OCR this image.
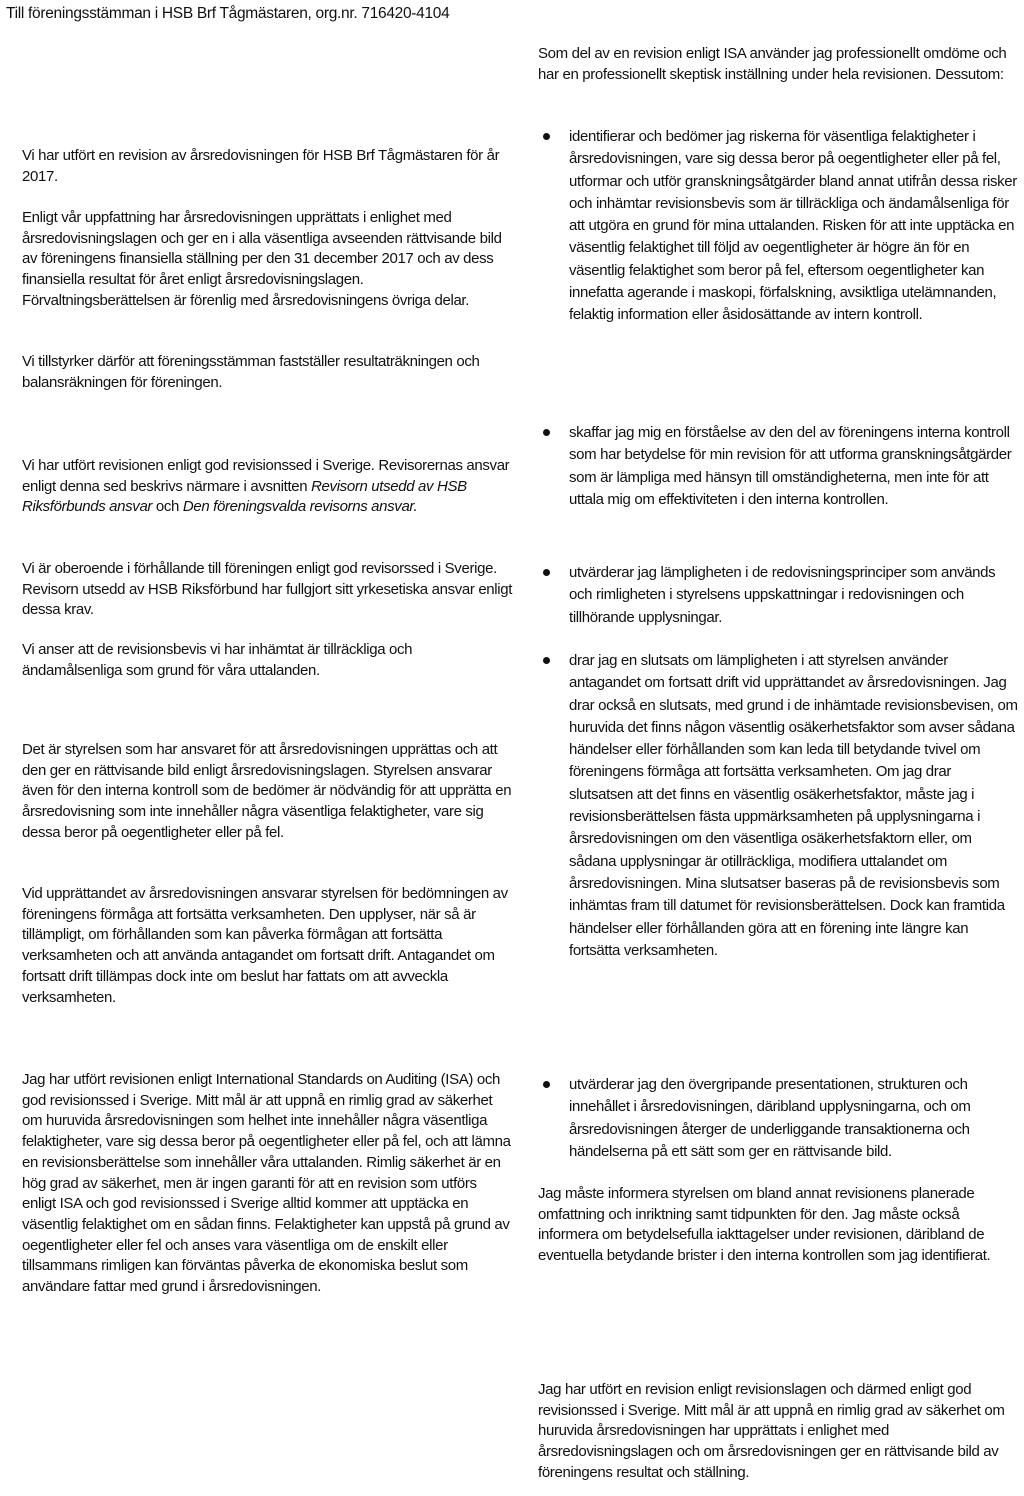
Till föreningsstämman i HSB Brf Tågmästaren, org.nr. 716420-4104

Vi har utfört en revision av årsredovisningen för HSB Brf Tågmästaren för år 2017.

Enligt vår uppfattning har årsredovisningen upprättats i enlighet med årsredovisningslagen och ger en i alla väsentliga avseenden rättvisande bild av föreningens finansiella ställning per den 31 december 2017 och av dess finansiella resultat för året enligt årsredovisningslagen. Förvaltningsberättelsen är förenlig med årsredovisningens övriga delar.

Vi tillstyrker därför att föreningsstämman fastställer resultaträkningen och balansräkningen för föreningen.

Vi har utfört revisionen enligt god revisionssed i Sverige. Revisorernas ansvar enligt denna sed beskrivs närmare i avsnitten Revisorn utsedd av HSB Riksförbunds ansvar och Den föreningsvalda revisorns ansvar.

Vi är oberoende i förhållande till föreningen enligt god revisorssed i Sverige. Revisorn utsedd av HSB Riksförbund har fullgjort sitt yrkesetiska ansvar enligt dessa krav.

Vi anser att de revisionsbevis vi har inhämtat är tillräckliga och ändamålsenliga som grund för våra uttalanden.

Det är styrelsen som har ansvaret för att årsredovisningen upprättas och att den ger en rättvisande bild enligt årsredovisningslagen. Styrelsen ansvarar även för den interna kontroll som de bedömer är nödvändig för att upprätta en årsredovisning som inte innehåller några väsentliga felaktigheter, vare sig dessa beror på oegentligheter eller på fel.

Vid upprättandet av årsredovisningen ansvarar styrelsen för bedömningen av föreningens förmåga att fortsätta verksamheten. Den upplyser, när så är tillämpligt, om förhållanden som kan påverka förmågan att fortsätta verksamheten och att använda antagandet om fortsatt drift. Antagandet om fortsatt drift tillämpas dock inte om beslut har fattats om att avveckla verksamheten.

Jag har utfört revisionen enligt International Standards on Auditing (ISA) och god revisionssed i Sverige. Mitt mål är att uppnå en rimlig grad av säkerhet om huruvida årsredovisningen som helhet inte innehåller några väsentliga felaktigheter, vare sig dessa beror på oegentligheter eller på fel, och att lämna en revisionsberättelse som innehåller våra uttalanden. Rimlig säkerhet är en hög grad av säkerhet, men är ingen garanti för att en revision som utförs enligt ISA och god revisionssed i Sverige alltid kommer att upptäcka en väsentlig felaktighet om en sådan finns. Felaktigheter kan uppstå på grund av oegentligheter eller fel och anses vara väsentliga om de enskilt eller tillsammans rimligen kan förväntas påverka de ekonomiska beslut som användare fattar med grund i årsredovisningen.

Som del av en revision enligt ISA använder jag professionellt omdöme och har en professionellt skeptisk inställning under hela revisionen. Dessutom:

identifierar och bedömer jag riskerna för väsentliga felaktigheter i årsredovisningen, vare sig dessa beror på oegentligheter eller på fel, utformar och utför granskningsåtgärder bland annat utifrån dessa risker och inhämtar revisionsbevis som är tillräckliga och ändamålsenliga för att utgöra en grund för mina uttalanden. Risken för att inte upptäcka en väsentlig felaktighet till följd av oegentligheter är högre än för en väsentlig felaktighet som beror på fel, eftersom oegentligheter kan innefatta agerande i maskopi, förfalskning, avsiktliga utelämnanden, felaktig information eller åsidosättande av intern kontroll.
skaffar jag mig en förståelse av den del av föreningens interna kontroll som har betydelse för min revision för att utforma granskningsåtgärder som är lämpliga med hänsyn till omständigheterna, men inte för att uttala mig om effektiviteten i den interna kontrollen.
utvärderar jag lämpligheten i de redovisningsprinciper som används och rimligheten i styrelsens uppskattningar i redovisningen och tillhörande upplysningar.
drar jag en slutsats om lämpligheten i att styrelsen använder antagandet om fortsatt drift vid upprättandet av årsredovisningen. Jag drar också en slutsats, med grund i de inhämtade revisionsbevisen, om huruvida det finns någon väsentlig osäkerhetsfaktor som avser sådana händelser eller förhållanden som kan leda till betydande tvivel om föreningens förmåga att fortsätta verksamheten. Om jag drar slutsatsen att det finns en väsentlig osäkerhetsfaktor, måste jag i revisionsberättelsen fästa uppmärksamheten på upplysningarna i årsredovisningen om den väsentliga osäkerhetsfaktorn eller, om sådana upplysningar är otillräckliga, modifiera uttalandet om årsredovisningen. Mina slutsatser baseras på de revisionsbevis som inhämtas fram till datumet för revisionsberättelsen. Dock kan framtida händelser eller förhållanden göra att en förening inte längre kan fortsätta verksamheten.
utvärderar jag den övergripande presentationen, strukturen och innehållet i årsredovisningen, däribland upplysningarna, och om årsredovisningen återger de underliggande transaktionerna och händelserna på ett sätt som ger en rättvisande bild.

Jag måste informera styrelsen om bland annat revisionens planerade omfattning och inriktning samt tidpunkten för den. Jag måste också informera om betydelsefulla iakttagelser under revisionen, däribland de eventuella betydande brister i den interna kontrollen som jag identifierat.

Jag har utfört en revision enligt revisionslagen och därmed enligt god revisionssed i Sverige. Mitt mål är att uppnå en rimlig grad av säkerhet om huruvida årsredovisningen har upprättats i enlighet med årsredovisningslagen och om årsredovisningen ger en rättvisande bild av föreningens resultat och ställning.
